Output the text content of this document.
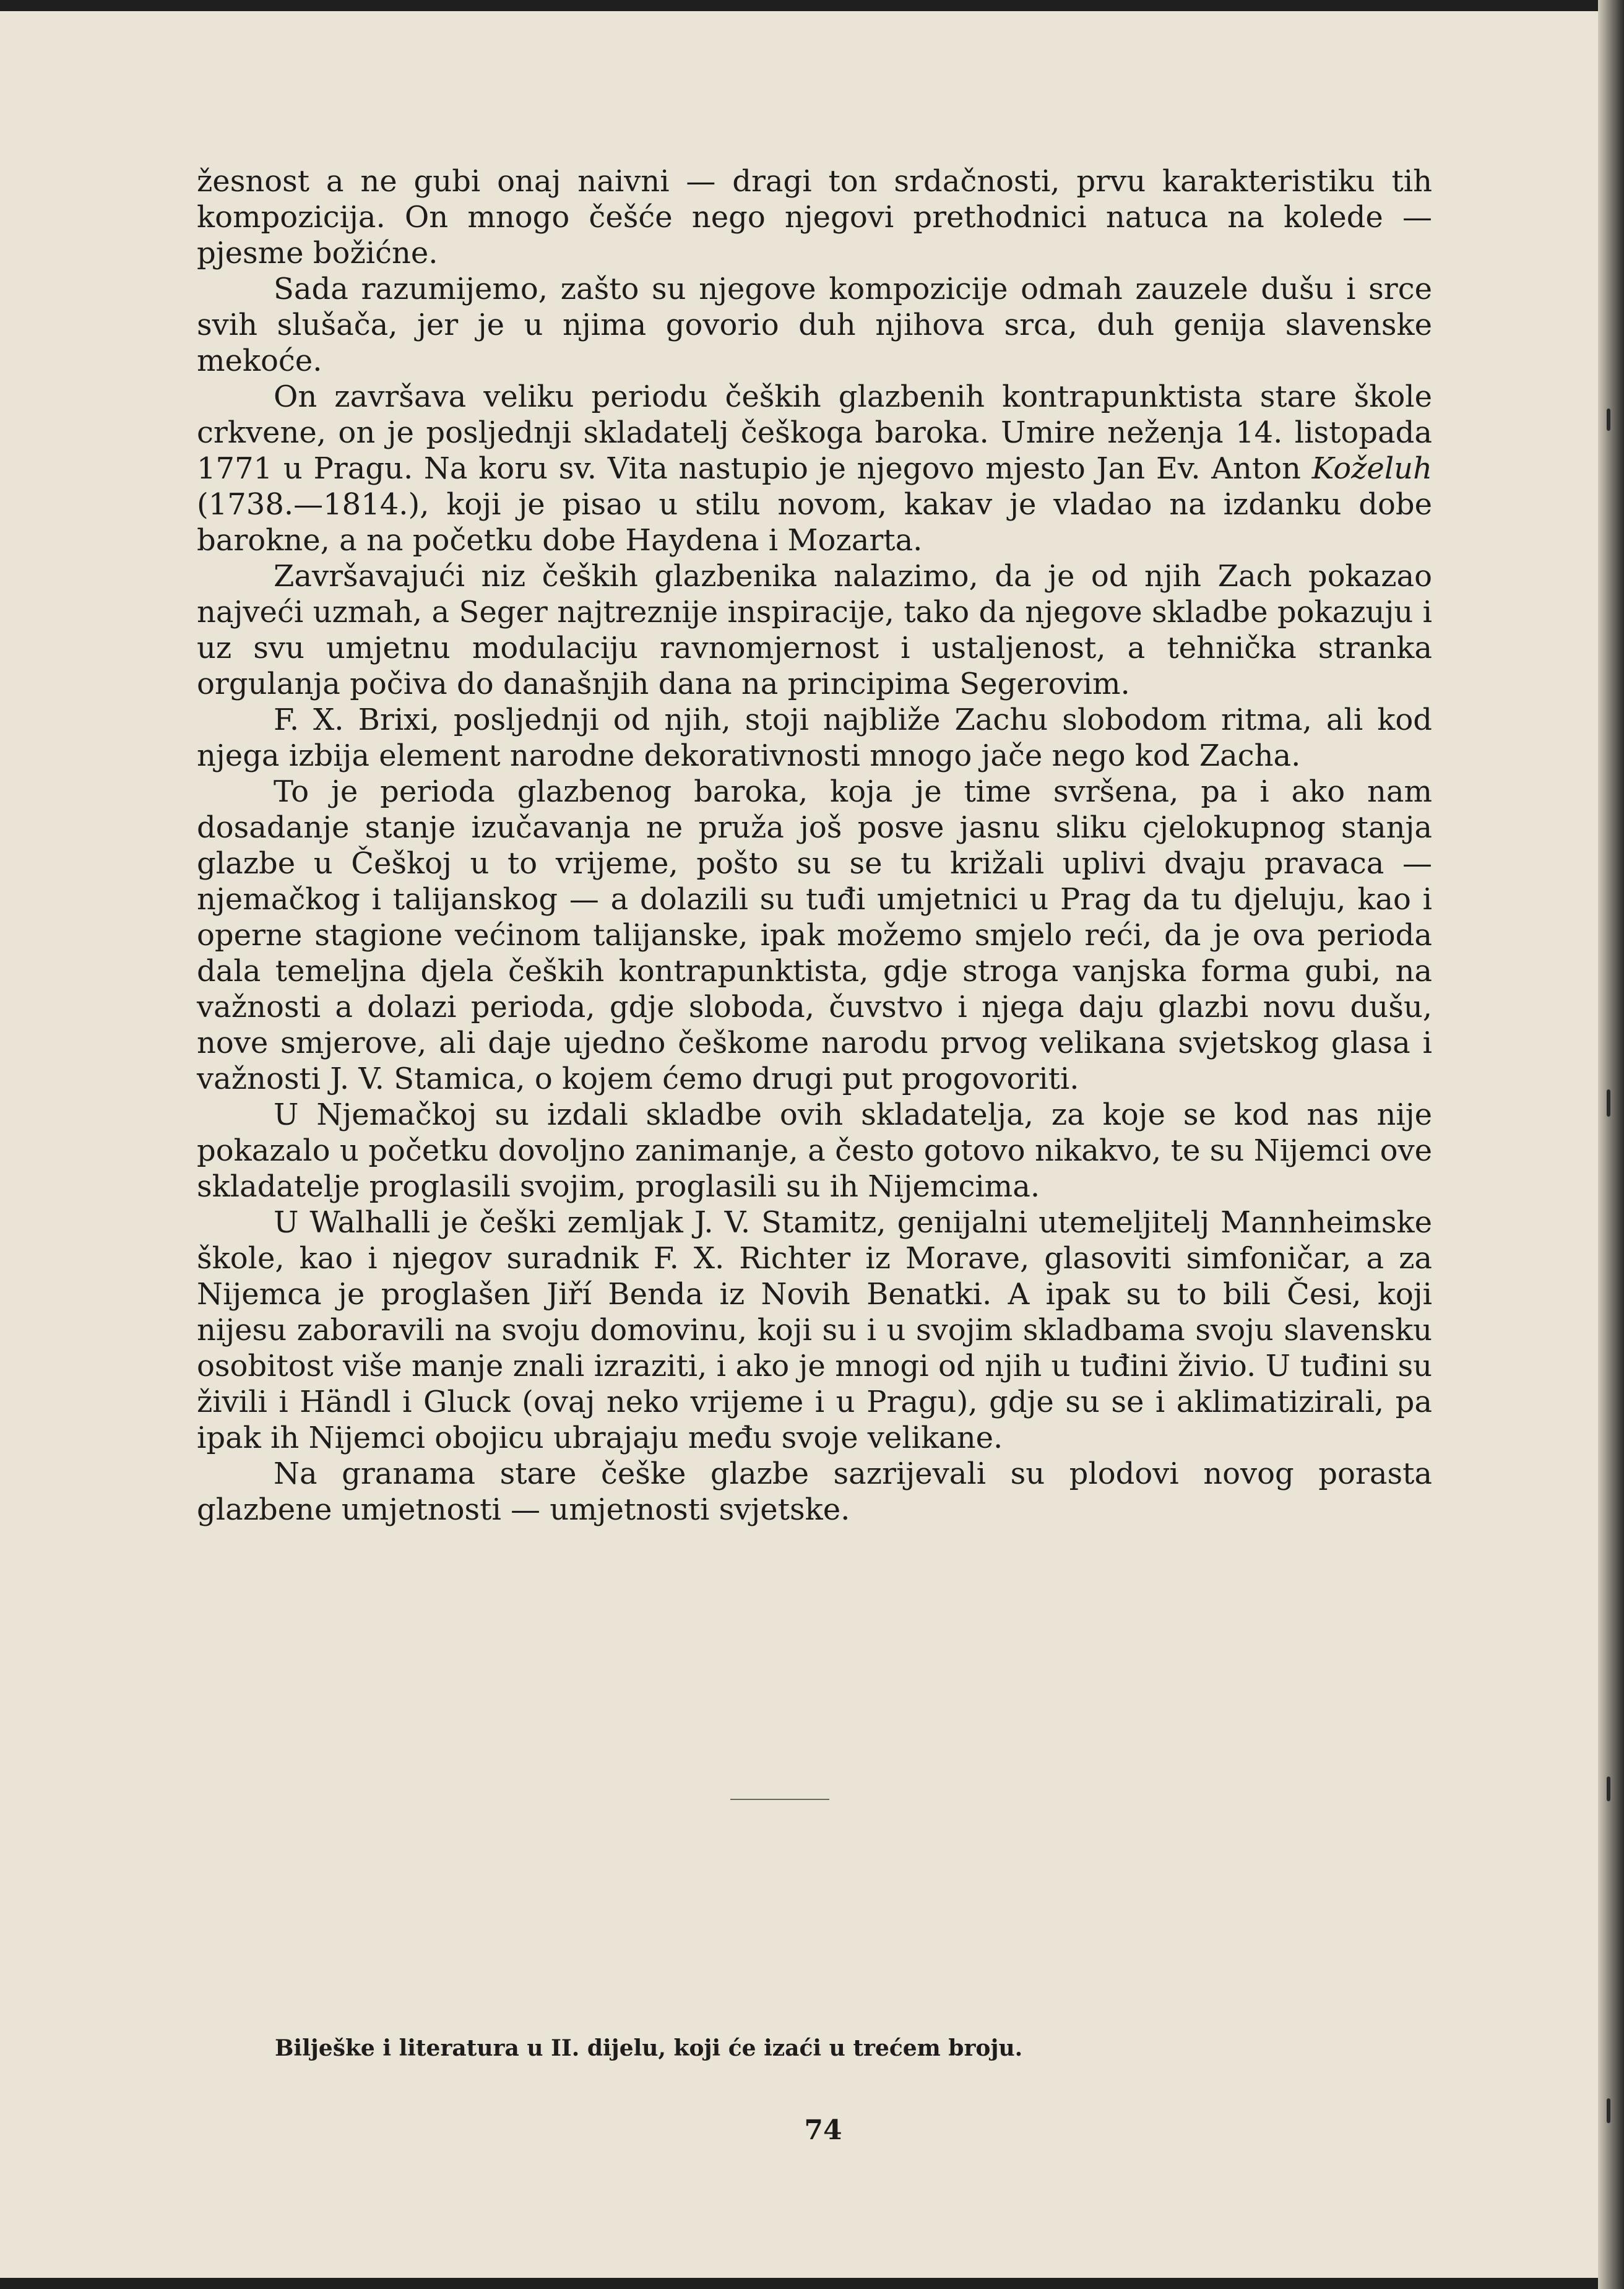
žesnost a ne gubi onaj naivni — dragi ton srdačnosti, prvu karakteristiku tih kompozicija. On mnogo češće nego njegovi prethodnici natuca na kolede — pjesme božićne.

Sada razumijemo, zašto su njegove kompozicije odmah zauzele dušu i srce svih slušača, jer je u njima govorio duh njihova srca, duh genija slavenske mekoće.

On završava veliku periodu čeških glazbenih kontrapunktista stare škole crkvene, on je posljednji skladatelj češkoga baroka. Umire neženja 14. listopada 1771 u Pragu. Na koru sv. Vita nastupio je njegovo mjesto Jan Ev. Anton Koželuh (1738.—1814.), koji je pisao u stilu novom, kakav je vladao na izdanku dobe barokne, a na početku dobe Haydena i Mozarta.

Završavajući niz čeških glazbenika nalazimo, da je od njih Zach pokazao najveći uzmah, a Seger najtreznije inspiracije, tako da njegove skladbe pokazuju i uz svu umjetnu modulaciju ravnomjernost i ustaljenost, a tehnička stranka orgulanja počiva do današnjih dana na principima Segerovim.

F. X. Brixi, posljednji od njih, stoji najbliže Zachu slobodom ritma, ali kod njega izbija element narodne dekorativnosti mnogo jače nego kod Zacha.

To je perioda glazbenog baroka, koja je time svršena, pa i ako nam dosadanje stanje izučavanja ne pruža još posve jasnu sliku cjelokupnog stanja glazbe u Češkoj u to vrijeme, pošto su se tu križali uplivi dvaju pravaca — njemačkog i talijanskog — a dolazili su tuđi umjetnici u Prag da tu djeluju, kao i operne stagione većinom talijanske, ipak možemo smjelo reći, da je ova perioda dala temeljna djela čeških kontrapunktista, gdje stroga vanjska forma gubi, na važnosti a dolazi perioda, gdje sloboda, čuvstvo i njega daju glazbi novu dušu, nove smjerove, ali daje ujedno češkome narodu prvog velikana svjetskog glasa i važnosti J. V. Stamica, o kojem ćemo drugi put progovoriti.

U Njemačkoj su izdali skladbe ovih skladatelja, za koje se kod nas nije pokazalo u početku dovoljno zanimanje, a često gotovo nikakvo, te su Nijemci ove skladatelje proglasili svojim, proglasili su ih Nijemcima.

U Walhalli je češki zemljak J. V. Stamitz, genijalni utemeljitelj Mannheimske škole, kao i njegov suradnik F. X. Richter iz Morave, glasoviti simfoničar, a za Nijemca je proglašen Jiří Benda iz Novih Benatki. A ipak su to bili Česi, koji nijesu zaboravili na svoju domovinu, koji su i u svojim skladbama svoju slavensku osobitost više manje znali izraziti, i ako je mnogi od njih u tuđini živio. U tuđini su živili i Händl i Gluck (ovaj neko vrijeme i u Pragu), gdje su se i aklimatizirali, pa ipak ih Nijemci obojicu ubrajaju među svoje velikane.

Na granama stare češke glazbe sazrijevali su plodovi novog porasta glazbene umjetnosti — umjetnosti svjetske.

Bilješke i literatura u II. dijelu, koji će izaći u trećem broju.
74
